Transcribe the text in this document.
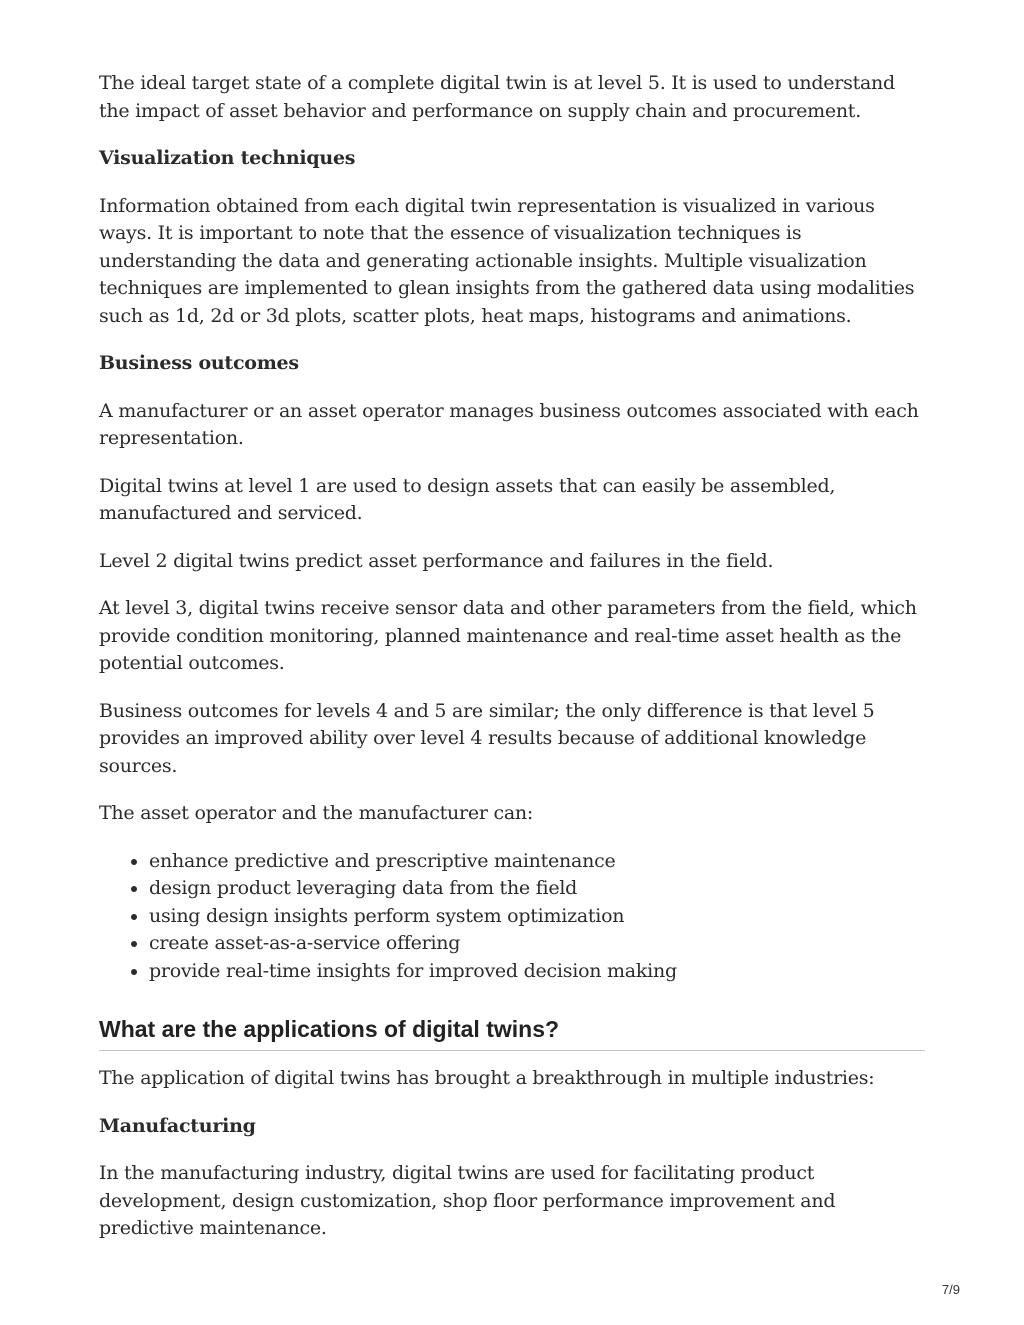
The ideal target state of a complete digital twin is at level 5. It is used to understand the impact of asset behavior and performance on supply chain and procurement.

Visualization techniques

Information obtained from each digital twin representation is visualized in various ways. It is important to note that the essence of visualization techniques is understanding the data and generating actionable insights. Multiple visualization techniques are implemented to glean insights from the gathered data using modalities such as 1d, 2d or 3d plots, scatter plots, heat maps, histograms and animations.

Business outcomes

A manufacturer or an asset operator manages business outcomes associated with each representation.

Digital twins at level 1 are used to design assets that can easily be assembled, manufactured and serviced.

Level 2 digital twins predict asset performance and failures in the field.

At level 3, digital twins receive sensor data and other parameters from the field, which provide condition monitoring, planned maintenance and real-time asset health as the potential outcomes.

Business outcomes for levels 4 and 5 are similar; the only difference is that level 5 provides an improved ability over level 4 results because of additional knowledge sources.

The asset operator and the manufacturer can:

• enhance predictive and prescriptive maintenance
• design product leveraging data from the field
• using design insights perform system optimization
• create asset-as-a-service offering
• provide real-time insights for improved decision making
What are the applications of digital twins?

The application of digital twins has brought a breakthrough in multiple industries:

Manufacturing

In the manufacturing industry, digital twins are used for facilitating product development, design customization, shop floor performance improvement and predictive maintenance.

7/9
